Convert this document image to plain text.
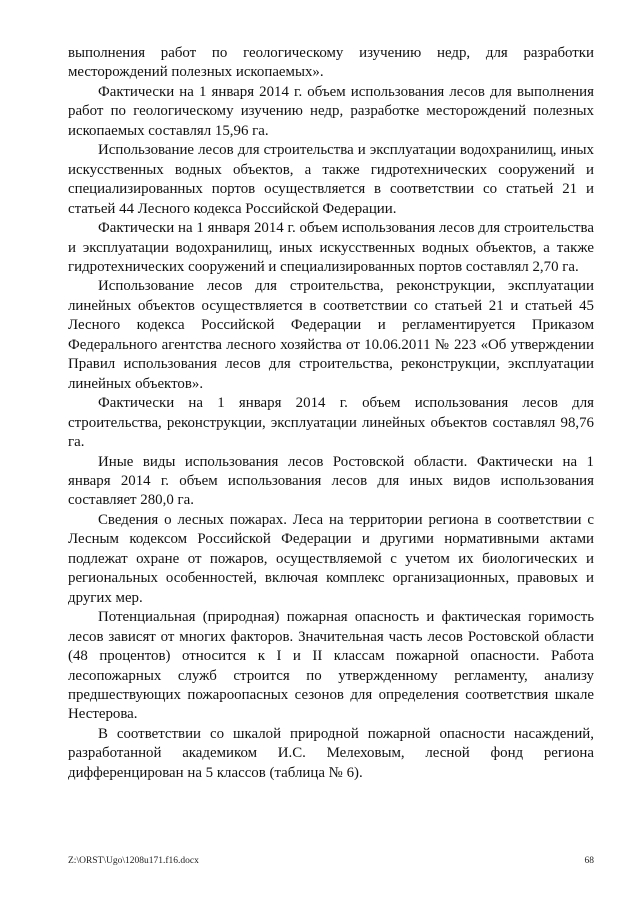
выполнения работ по геологическому изучению недр, для разработки месторождений полезных ископаемых».

Фактически на 1 января 2014 г. объем использования лесов для выполнения работ по геологическому изучению недр, разработке месторождений полезных ископаемых составлял 15,96 га.

Использование лесов для строительства и эксплуатации водохранилищ, иных искусственных водных объектов, а также гидротехнических сооружений и специализированных портов осуществляется в соответствии со статьей 21 и статьей 44 Лесного кодекса Российской Федерации.

Фактически на 1 января 2014 г. объем использования лесов для строительства и эксплуатации водохранилищ, иных искусственных водных объектов, а также гидротехнических сооружений и специализированных портов составлял 2,70 га.

Использование лесов для строительства, реконструкции, эксплуатации линейных объектов осуществляется в соответствии со статьей 21 и статьей 45 Лесного кодекса Российской Федерации и регламентируется Приказом Федерального агентства лесного хозяйства от 10.06.2011 № 223 «Об утверждении Правил использования лесов для строительства, реконструкции, эксплуатации линейных объектов».

Фактически на 1 января 2014 г. объем использования лесов для строительства, реконструкции, эксплуатации линейных объектов составлял 98,76 га.

Иные виды использования лесов Ростовской области. Фактически на 1 января 2014 г. объем использования лесов для иных видов использования составляет 280,0 га.

Сведения о лесных пожарах. Леса на территории региона в соответствии с Лесным кодексом Российской Федерации и другими нормативными актами подлежат охране от пожаров, осуществляемой с учетом их биологических и региональных особенностей, включая комплекс организационных, правовых и других мер.

Потенциальная (природная) пожарная опасность и фактическая горимость лесов зависят от многих факторов. Значительная часть лесов Ростовской области (48 процентов) относится к I и II классам пожарной опасности. Работа лесопожарных служб строится по утвержденному регламенту, анализу предшествующих пожароопасных сезонов для определения соответствия шкале Нестерова.

В соответствии со шкалой природной пожарной опасности насаждений, разработанной академиком И.С. Мелеховым, лесной фонд региона дифференцирован на 5 классов (таблица № 6).

Z:\ORST\Ugo\1208u171.f16.docx	68
